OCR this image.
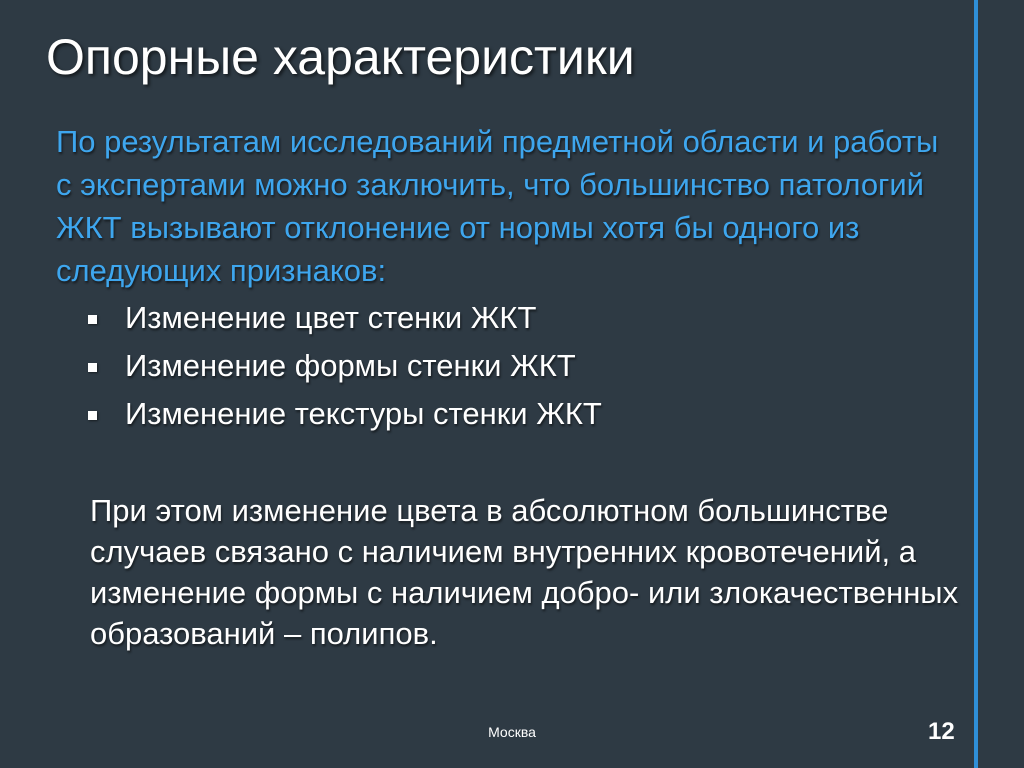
Опорные характеристики
По результатам исследований предметной области и работы с экспертами можно заключить, что большинство патологий ЖКТ вызывают отклонение от нормы хотя бы одного из следующих признаков:
Изменение цвет стенки ЖКТ
Изменение формы стенки ЖКТ
Изменение текстуры стенки ЖКТ
При этом изменение цвета в абсолютном большинстве случаев связано с наличием внутренних кровотечений, а изменение формы с наличием добро- или злокачественных образований – полипов.
Москва	12
